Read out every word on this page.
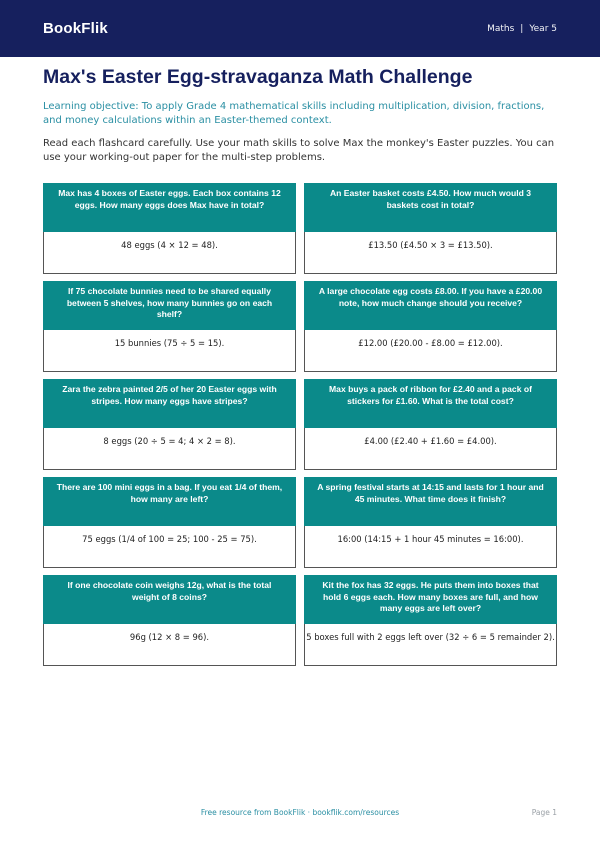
BookFlik	Maths | Year 5
Max's Easter Egg-stravaganza Math Challenge

Learning objective: To apply Grade 4 mathematical skills including multiplication, division, fractions, and money calculations within an Easter-themed context.

Read each flashcard carefully. Use your math skills to solve Max the monkey's Easter puzzles. You can use your working-out paper for the multi-step problems.

Max has 4 boxes of Easter eggs. Each box contains 12 eggs. How many eggs does Max have in total?
48 eggs (4 × 12 = 48).
An Easter basket costs £4.50. How much would 3 baskets cost in total?
£13.50 (£4.50 × 3 = £13.50).
If 75 chocolate bunnies need to be shared equally between 5 shelves, how many bunnies go on each shelf?
15 bunnies (75 ÷ 5 = 15).
A large chocolate egg costs £8.00. If you have a £20.00 note, how much change should you receive?
£12.00 (£20.00 - £8.00 = £12.00).
Zara the zebra painted 2/5 of her 20 Easter eggs with stripes. How many eggs have stripes?
8 eggs (20 ÷ 5 = 4; 4 × 2 = 8).
Max buys a pack of ribbon for £2.40 and a pack of stickers for £1.60. What is the total cost?
£4.00 (£2.40 + £1.60 = £4.00).
There are 100 mini eggs in a bag. If you eat 1/4 of them, how many are left?
75 eggs (1/4 of 100 = 25; 100 - 25 = 75).
A spring festival starts at 14:15 and lasts for 1 hour and 45 minutes. What time does it finish?
16:00 (14:15 + 1 hour 45 minutes = 16:00).
If one chocolate coin weighs 12g, what is the total weight of 8 coins?
96g (12 × 8 = 96).
Kit the fox has 32 eggs. He puts them into boxes that hold 6 eggs each. How many boxes are full, and how many eggs are left over?
5 boxes full with 2 eggs left over (32 ÷ 6 = 5 remainder 2).
Free resource from BookFlik · bookflik.com/resources	Page 1
